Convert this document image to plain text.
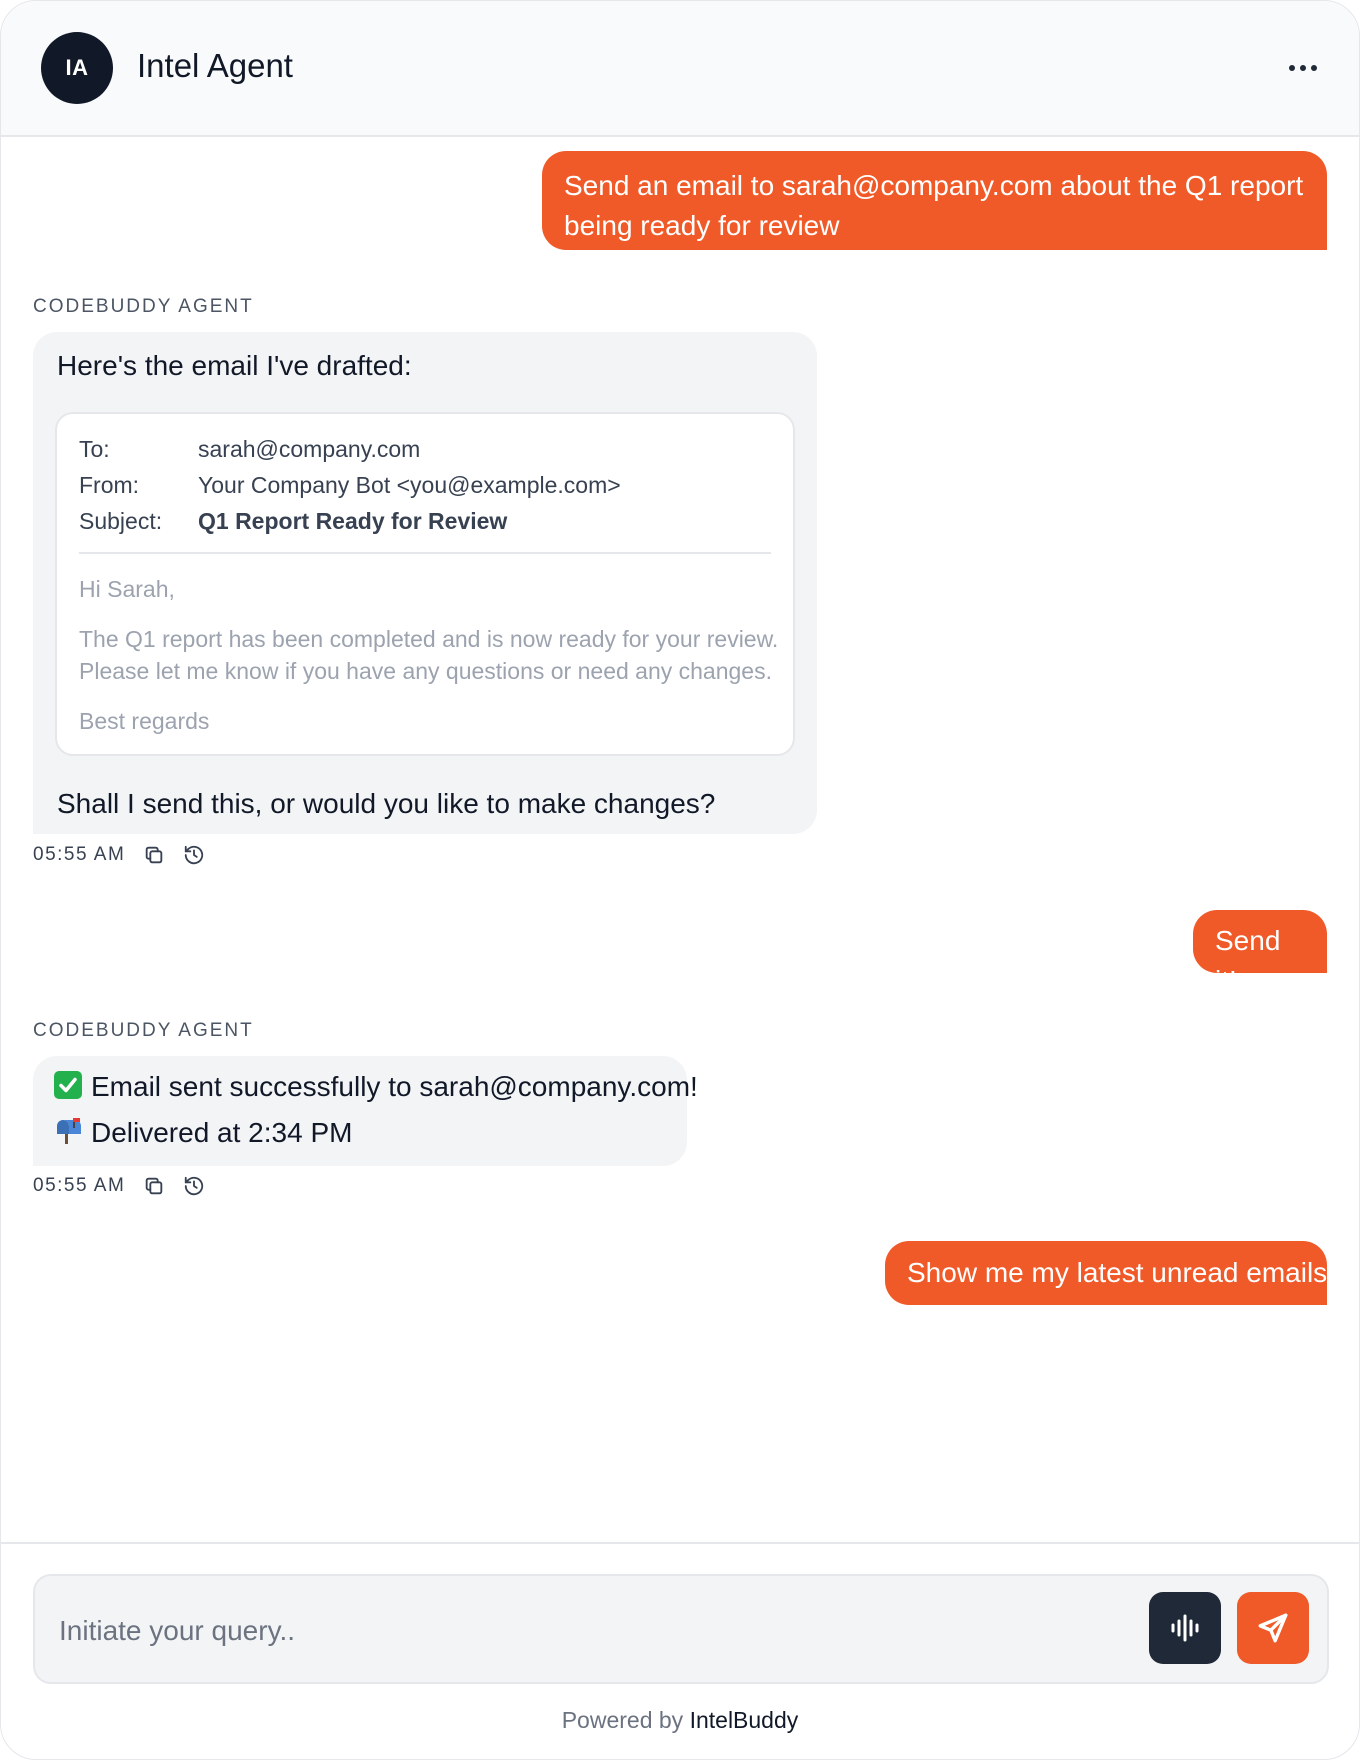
IA	Intel Agent
Send an email to sarah@company.com about the Q1 report being ready for review
CODEBUDDY AGENT
Here's the email I've drafted:
To:	sarah@company.com
From:	Your Company Bot <you@example.com>
Subject:	Q1 Report Ready for Review
Hi Sarah,
The Q1 report has been completed and is now ready for your review.
Please let me know if you have any questions or need any changes.
Best regards
Shall I send this, or would you like to make changes?
05:55 AM
Send it!
CODEBUDDY AGENT
Email sent successfully to sarah@company.com!
Delivered at 2:34 PM
05:55 AM
Show me my latest unread emails
Initiate your query..
Powered by IntelBuddy
